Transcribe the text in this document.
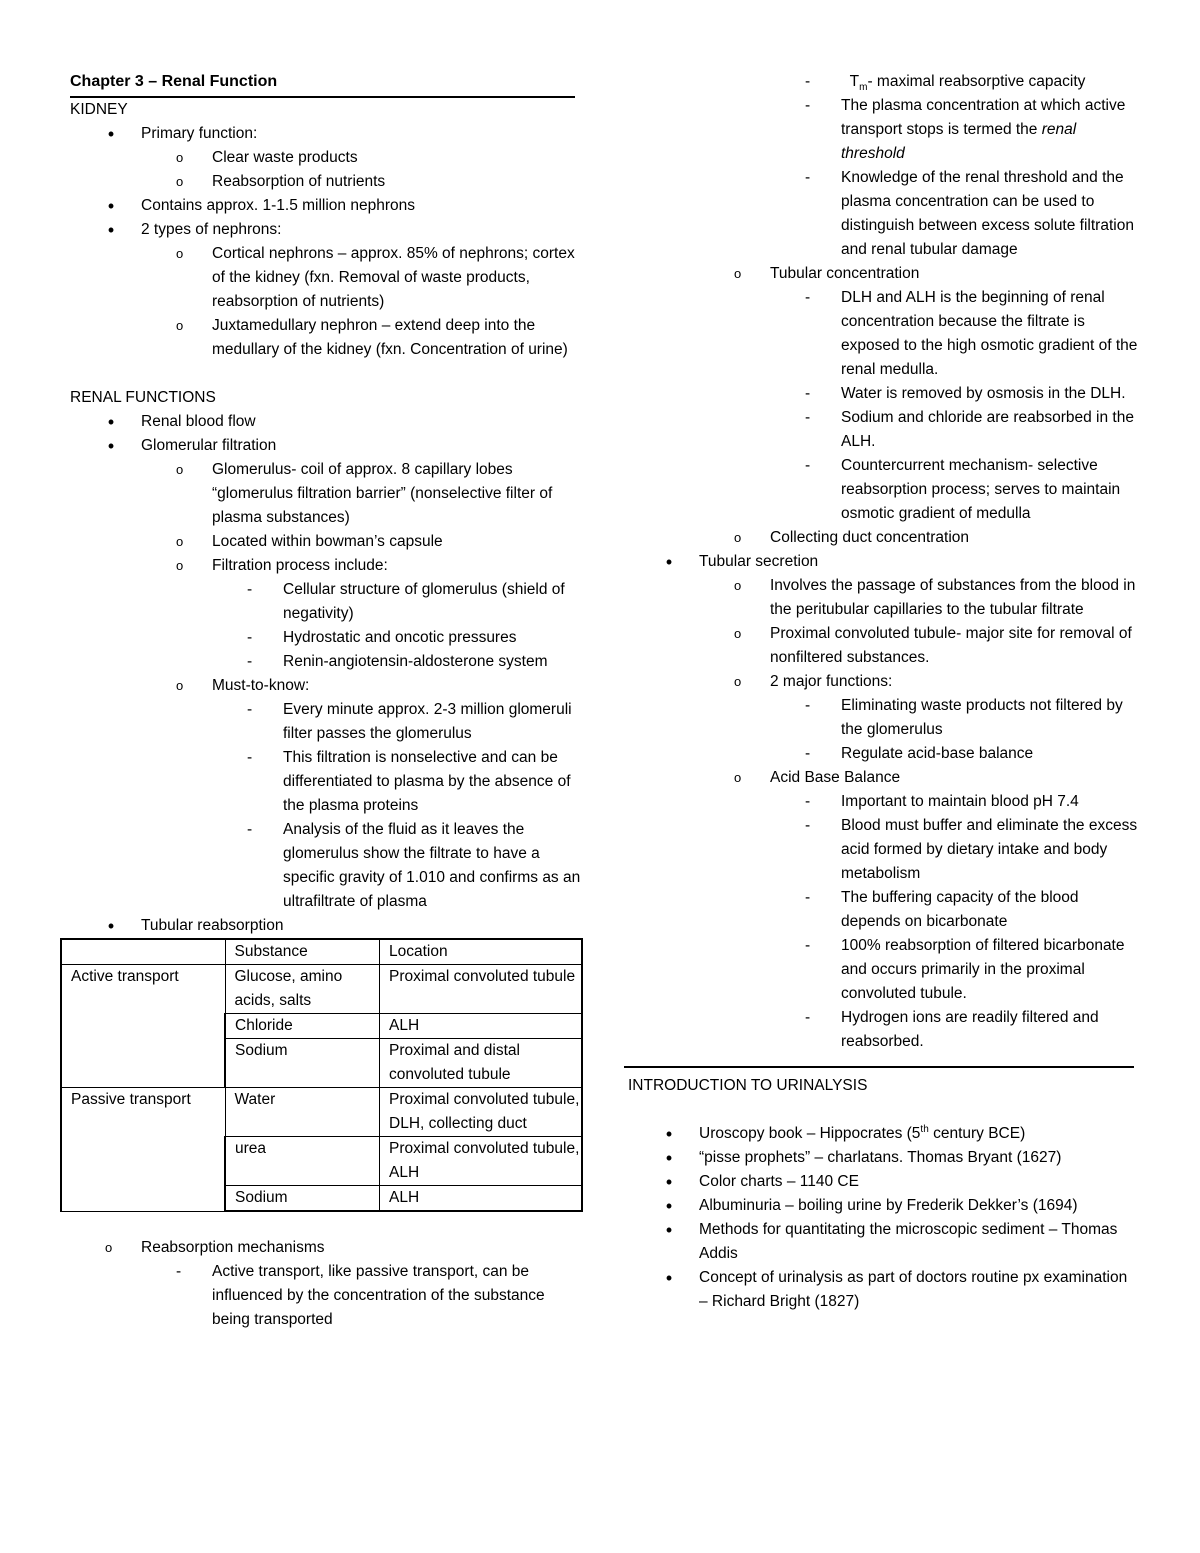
Chapter 3 – Renal Function
KIDNEY
• Primary function:
o Clear waste products
o Reabsorption of nutrients
• Contains approx. 1-1.5 million nephrons
• 2 types of nephrons:
o Cortical nephrons – approx. 85% of nephrons; cortex of the kidney (fxn. Removal of waste products, reabsorption of nutrients)
o Juxtamedullary nephron – extend deep into the medullary of the kidney (fxn. Concentration of urine)
RENAL FUNCTIONS
• Renal blood flow
• Glomerular filtration
o Glomerulus- coil of approx. 8 capillary lobes “glomerulus filtration barrier” (nonselective filter of plasma substances)
o Located within bowman’s capsule
o Filtration process include:
- Cellular structure of glomerulus (shield of negativity)
- Hydrostatic and oncotic pressures
- Renin-angiotensin-aldosterone system
o Must-to-know:
- Every minute approx. 2-3 million glomeruli filter passes the glomerulus
- This filtration is nonselective and can be differentiated to plasma by the absence of the plasma proteins
- Analysis of the fluid as it leaves the glomerulus show the filtrate to have a specific gravity of 1.010 and confirms as an ultrafiltrate of plasma
• Tubular reabsorption
	Substance	Location
Active transport	Glucose, amino acids, salts	Proximal convoluted tubule
	Chloride	ALH
	Sodium	Proximal and distal convoluted tubule
Passive transport	Water	Proximal convoluted tubule, DLH, collecting duct
	urea	Proximal convoluted tubule, ALH
	Sodium	ALH
o Reabsorption mechanisms
- Active transport, like passive transport, can be influenced by the concentration of the substance being transported
-	$T_m-$ maximal reabsorptive capacity
- The plasma concentration at which active transport stops is termed the renal threshold
- Knowledge of the renal threshold and the plasma concentration can be used to distinguish between excess solute filtration and renal tubular damage
o Tubular concentration
- DLH and ALH is the beginning of renal concentration because the filtrate is exposed to the high osmotic gradient of the renal medulla.
- Water is removed by osmosis in the DLH.
- Sodium and chloride are reabsorbed in the ALH.
- Countercurrent mechanism- selective reabsorption process; serves to maintain osmotic gradient of medulla
o Collecting duct concentration
• Tubular secretion
o Involves the passage of substances from the blood in the peritubular capillaries to the tubular filtrate
o Proximal convoluted tubule- major site for removal of nonfiltered substances.
o 2 major functions:
- Eliminating waste products not filtered by the glomerulus
- Regulate acid-base balance
o Acid Base Balance
- Important to maintain blood pH 7.4
- Blood must buffer and eliminate the excess acid formed by dietary intake and body metabolism
- The buffering capacity of the blood depends on bicarbonate
- 100% reabsorption of filtered bicarbonate and occurs primarily in the proximal convoluted tubule.
- Hydrogen ions are readily filtered and reabsorbed.
INTRODUCTION TO URINALYSIS
• Uroscopy book – Hippocrates (5th century BCE)
• “pisse prophets” – charlatans. Thomas Bryant (1627)
• Color charts – 1140 CE
• Albuminuria – boiling urine by Frederik Dekker’s (1694)
• Methods for quantitating the microscopic sediment – Thomas Addis
• Concept of urinalysis as part of doctors routine px examination – Richard Bright (1827)
